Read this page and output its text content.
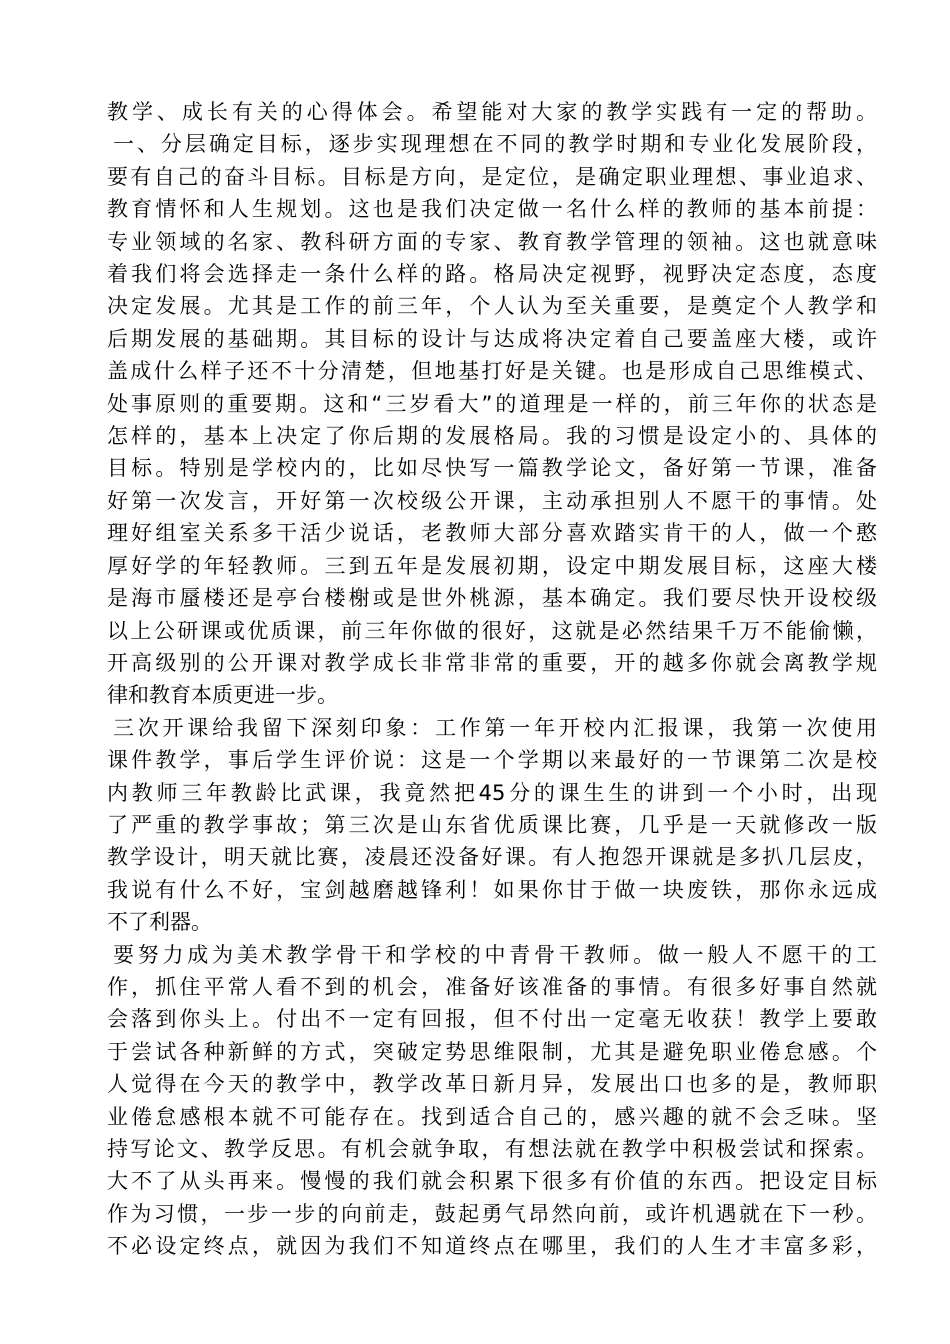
教学、成长有关的心得体会。希望能对大家的教学实践有一定的帮助。
一、分层确定目标，逐步实现理想在不同的教学时期和专业化发展阶段，
要有自己的奋斗目标。目标是方向，是定位，是确定职业理想、事业追求、
教育情怀和人生规划。这也是我们决定做一名什么样的教师的基本前提：
专业领域的名家、教科研方面的专家、教育教学管理的领袖。这也就意味
着我们将会选择走一条什么样的路。格局决定视野，视野决定态度，态度
决定发展。尤其是工作的前三年，个人认为至关重要，是奠定个人教学和
后期发展的基础期。其目标的设计与达成将决定着自己要盖座大楼，或许
盖成什么样子还不十分清楚，但地基打好是关键。也是形成自己思维模式、
处事原则的重要期。这和“三岁看大”的道理是一样的，前三年你的状态是
怎样的，基本上决定了你后期的发展格局。我的习惯是设定小的、具体的
目标。特别是学校内的，比如尽快写一篇教学论文，备好第一节课，准备
好第一次发言，开好第一次校级公开课，主动承担别人不愿干的事情。处
理好组室关系多干活少说话，老教师大部分喜欢踏实肯干的人，做一个憨
厚好学的年轻教师。三到五年是发展初期，设定中期发展目标，这座大楼
是海市蜃楼还是亭台楼榭或是世外桃源，基本确定。我们要尽快开设校级
以上公研课或优质课，前三年你做的很好，这就是必然结果千万不能偷懒，
开高级别的公开课对教学成长非常非常的重要，开的越多你就会离教学规
律和教育本质更进一步。
三次开课给我留下深刻印象：工作第一年开校内汇报课，我第一次使用
课件教学，事后学生评价说：这是一个学期以来最好的一节课第二次是校
内教师三年教龄比武课，我竟然把45分的课生生的讲到一个小时，出现
了严重的教学事故；第三次是山东省优质课比赛，几乎是一天就修改一版
教学设计，明天就比赛，凌晨还没备好课。有人抱怨开课就是多扒几层皮，
我说有什么不好，宝剑越磨越锋利！如果你甘于做一块废铁，那你永远成
不了利器。
要努力成为美术教学骨干和学校的中青骨干教师。做一般人不愿干的工
作，抓住平常人看不到的机会，准备好该准备的事情。有很多好事自然就
会落到你头上。付出不一定有回报，但不付出一定毫无收获！教学上要敢
于尝试各种新鲜的方式，突破定势思维限制，尤其是避免职业倦怠感。个
人觉得在今天的教学中，教学改革日新月异，发展出口也多的是，教师职
业倦怠感根本就不可能存在。找到适合自己的，感兴趣的就不会乏味。坚
持写论文、教学反思。有机会就争取，有想法就在教学中积极尝试和探索。
大不了从头再来。慢慢的我们就会积累下很多有价值的东西。把设定目标
作为习惯，一步一步的向前走，鼓起勇气昂然向前，或许机遇就在下一秒。
不必设定终点，就因为我们不知道终点在哪里，我们的人生才丰富多彩，
